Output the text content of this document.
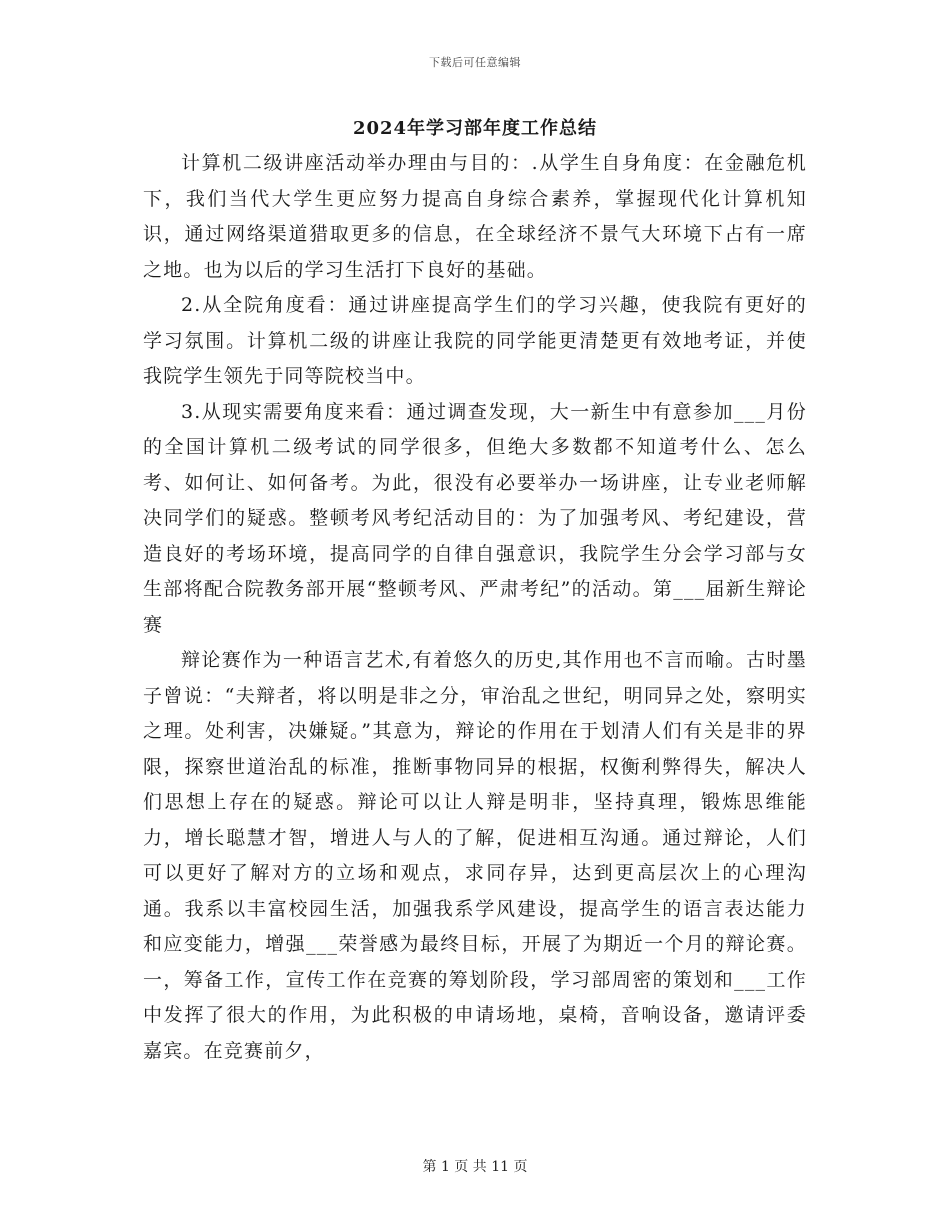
下载后可任意编辑
2024年学习部年度工作总结

计算机二级讲座活动举办理由与目的：.从学生自身角度：在金融危机下，我们当代大学生更应努力提高自身综合素养，掌握现代化计算机知识，通过网络渠道猎取更多的信息，在全球经济不景气大环境下占有一席之地。也为以后的学习生活打下良好的基础。

2.从全院角度看：通过讲座提高学生们的学习兴趣，使我院有更好的学习氛围。计算机二级的讲座让我院的同学能更清楚更有效地考证，并使我院学生领先于同等院校当中。

3.从现实需要角度来看：通过调查发现，大一新生中有意参加___月份的全国计算机二级考试的同学很多，但绝大多数都不知道考什么、怎么考、如何让、如何备考。为此，很没有必要举办一场讲座，让专业老师解决同学们的疑惑。整顿考风考纪活动目的：为了加强考风、考纪建设，营造良好的考场环境，提高同学的自律自强意识，我院学生分会学习部与女生部将配合院教务部开展“整顿考风、严肃考纪”的活动。第___届新生辩论赛

辩论赛作为一种语言艺术,有着悠久的历史,其作用也不言而喻。古时墨子曾说：“夫辩者，将以明是非之分，审治乱之世纪，明同异之处，察明实之理。处利害，决嫌疑。”其意为，辩论的作用在于划清人们有关是非的界限，探察世道治乱的标准，推断事物同异的根据，权衡利弊得失，解决人们思想上存在的疑惑。辩论可以让人辩是明非，坚持真理，锻炼思维能力，增长聪慧才智，增进人与人的了解，促进相互沟通。通过辩论，人们可以更好了解对方的立场和观点，求同存异，达到更高层次上的心理沟通。我系以丰富校园生活，加强我系学风建设，提高学生的语言表达能力和应变能力，增强___荣誉感为最终目标，开展了为期近一个月的辩论赛。一，筹备工作，宣传工作在竞赛的筹划阶段，学习部周密的策划和___工作中发挥了很大的作用，为此积极的申请场地，桌椅，音响设备，邀请评委嘉宾。在竞赛前夕，

第 1 页 共 11 页
